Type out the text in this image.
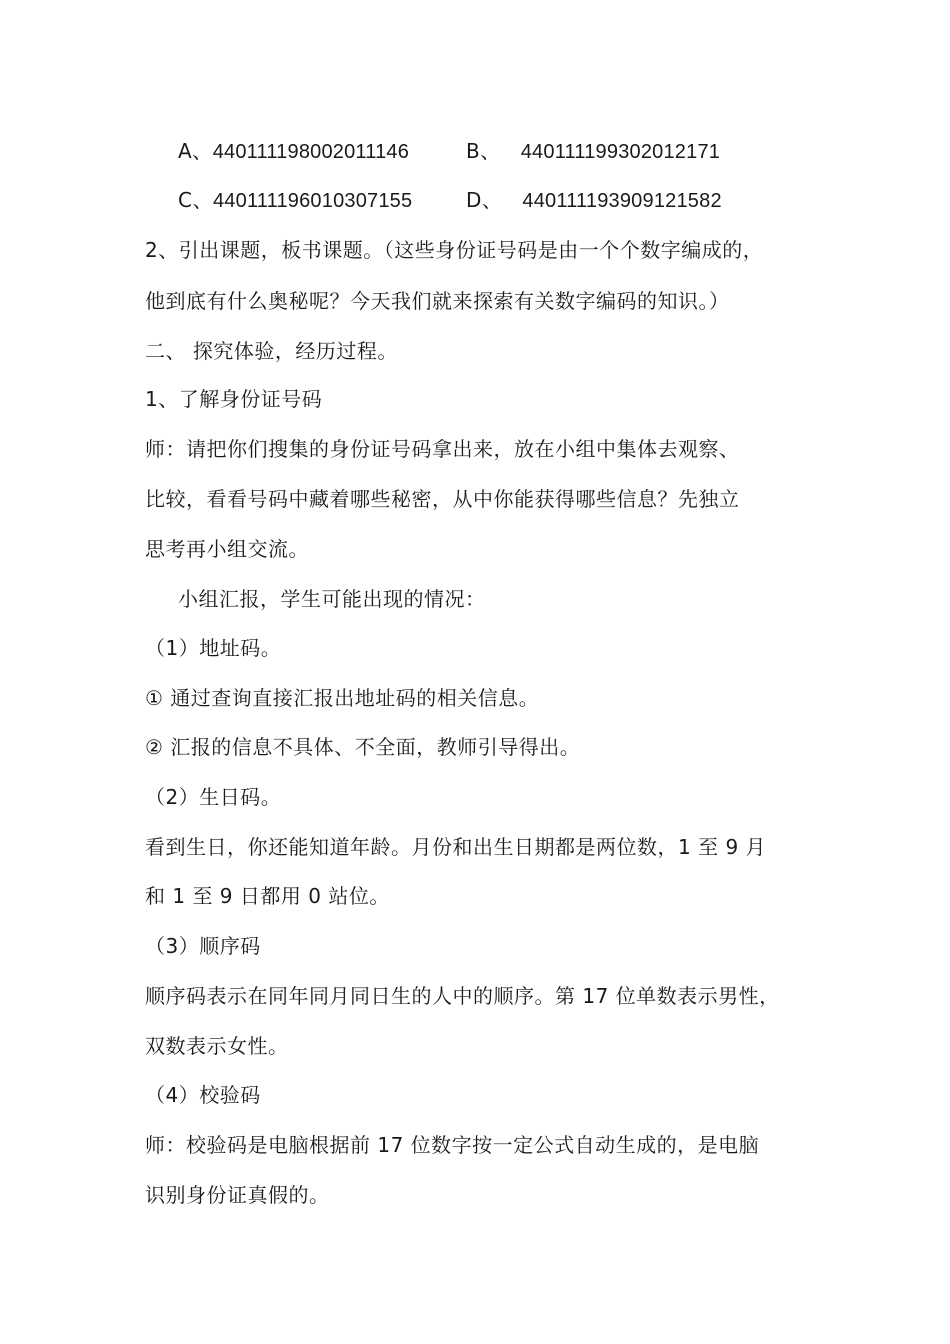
A、440111198002011146	B、 440111199302012171
C、440111196010307155	D、 440111193909121582
2、引出课题，板书课题。（这些身份证号码是由一个个数字编成的，
他到底有什么奥秘呢？今天我们就来探索有关数字编码的知识。）
二、 探究体验，经历过程。
1、了解身份证号码
师：请把你们搜集的身份证号码拿出来，放在小组中集体去观察、
比较，看看号码中藏着哪些秘密，从中你能获得哪些信息？先独立
思考再小组交流。
小组汇报，学生可能出现的情况：
（1）地址码。
① 通过查询直接汇报出地址码的相关信息。
② 汇报的信息不具体、不全面，教师引导得出。
（2）生日码。
看到生日，你还能知道年龄。月份和出生日期都是两位数，1 至 9 月
和 1 至 9 日都用 0 站位。
（3）顺序码
顺序码表示在同年同月同日生的人中的顺序。第 17 位单数表示男性，
双数表示女性。
（4）校验码
师：校验码是电脑根据前 17 位数字按一定公式自动生成的，是电脑
识别身份证真假的。
